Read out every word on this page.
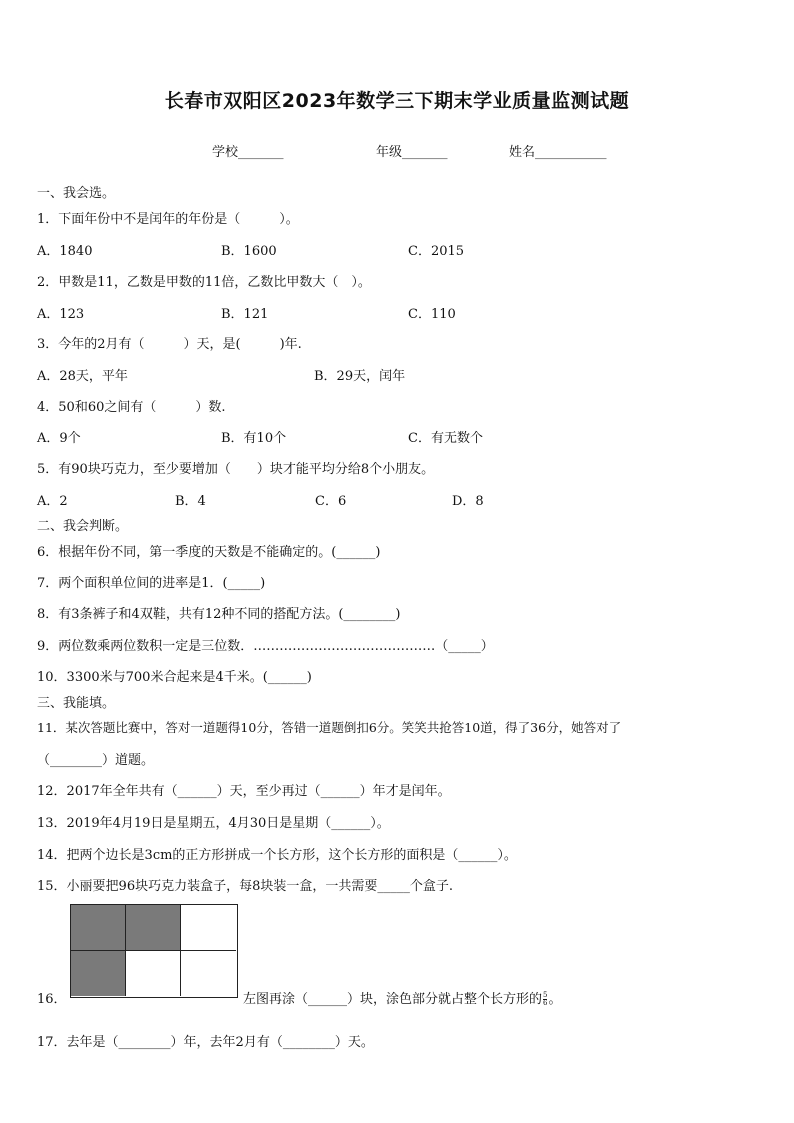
长春市双阳区2023年数学三下期末学业质量监测试题
学校_______	年级_______	姓名___________
一、我会选。
1．下面年份中不是闰年的年份是（　　　）。
A．1840	B．1600	C．2015
2．甲数是11，乙数是甲数的11倍，乙数比甲数大（　）。
A．123	B．121	C．110
3．今年的2月有（　　　）天，是(　　　)年.
A．28天，平年	B．29天，闰年
4．50和60之间有（　　　）数.
A．9个	B．有10个	C．有无数个
5．有90块巧克力，至少要增加（　　）块才能平均分给8个小朋友。
A．2	B．4	C．6	D．8
二、我会判断。
6．根据年份不同，第一季度的天数是不能确定的。(______)
7．两个面积单位间的进率是1．(_____)
8．有3条裤子和4双鞋，共有12种不同的搭配方法。(________)
9．两位数乘两位数积一定是三位数．……………………………………（_____）
10．3300米与700米合起来是4千米。(______)
三、我能填。
11．某次答题比赛中，答对一道题得10分，答错一道题倒扣6分。笑笑共抢答10道，得了36分，她答对了
（________）道题。
12．2017年全年共有（______）天，至少再过（______）年才是闰年。
13．2019年4月19日是星期五，4月30日是星期（______）。
14．把两个边长是3cm的正方形拼成一个长方形，这个长方形的面积是（______）。
15．小丽要把96块巧克力装盒子，每8块装一盒，一共需要_____个盒子.
16．	左图再涂（______）块，涂色部分就占整个长方形的 $\frac{5}{6}$ 。
17．去年是（________）年，去年2月有（________）天。
